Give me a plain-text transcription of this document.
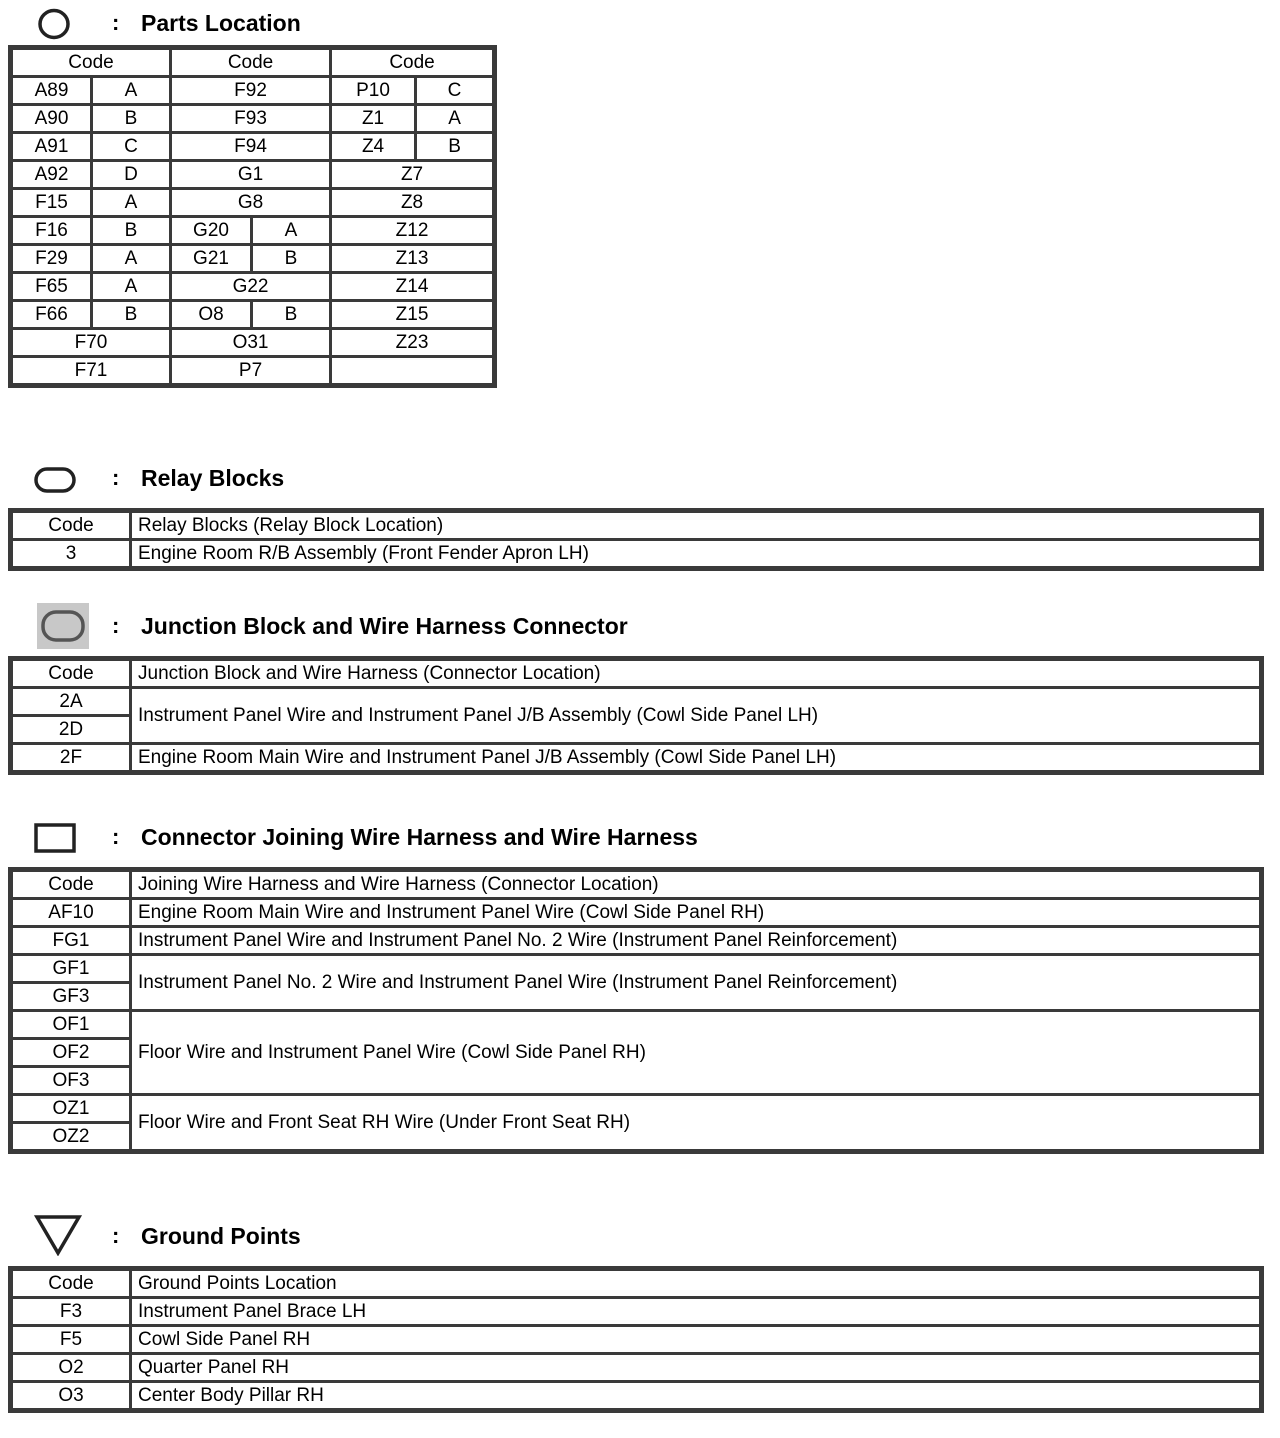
: Parts Location
Code		Code		Code	
A89	A	F92		P10	C
A90	B	F93		Z1	A
A91	C	F94		Z4	B
A92	D	G1		Z7	
F15	A	G8		Z8	
F16	B	G20	A	Z12	
F29	A	G21	B	Z13	
F65	A	G22		Z14	
F66	B	O8	B	Z15	
F70		O31		Z23	
F71		P7			
: Relay Blocks
Code	Relay Blocks (Relay Block Location)
3	Engine Room R/B Assembly (Front Fender Apron LH)
: Junction Block and Wire Harness Connector
Code	Junction Block and Wire Harness (Connector Location)
2A	Instrument Panel Wire and Instrument Panel J/B Assembly (Cowl Side Panel LH)
2D	
2F	Engine Room Main Wire and Instrument Panel J/B Assembly (Cowl Side Panel LH)
: Connector Joining Wire Harness and Wire Harness
Code	Joining Wire Harness and Wire Harness (Connector Location)
AF10	Engine Room Main Wire and Instrument Panel Wire (Cowl Side Panel RH)
FG1	Instrument Panel Wire and Instrument Panel No. 2 Wire (Instrument Panel Reinforcement)
GF1	Instrument Panel No. 2 Wire and Instrument Panel Wire (Instrument Panel Reinforcement)
GF3	
OF1	Floor Wire and Instrument Panel Wire (Cowl Side Panel RH)
OF2	
OF3	
OZ1	Floor Wire and Front Seat RH Wire (Under Front Seat RH)
OZ2	
: Ground Points
Code	Ground Points Location
F3	Instrument Panel Brace LH
F5	Cowl Side Panel RH
O2	Quarter Panel RH
O3	Center Body Pillar RH
